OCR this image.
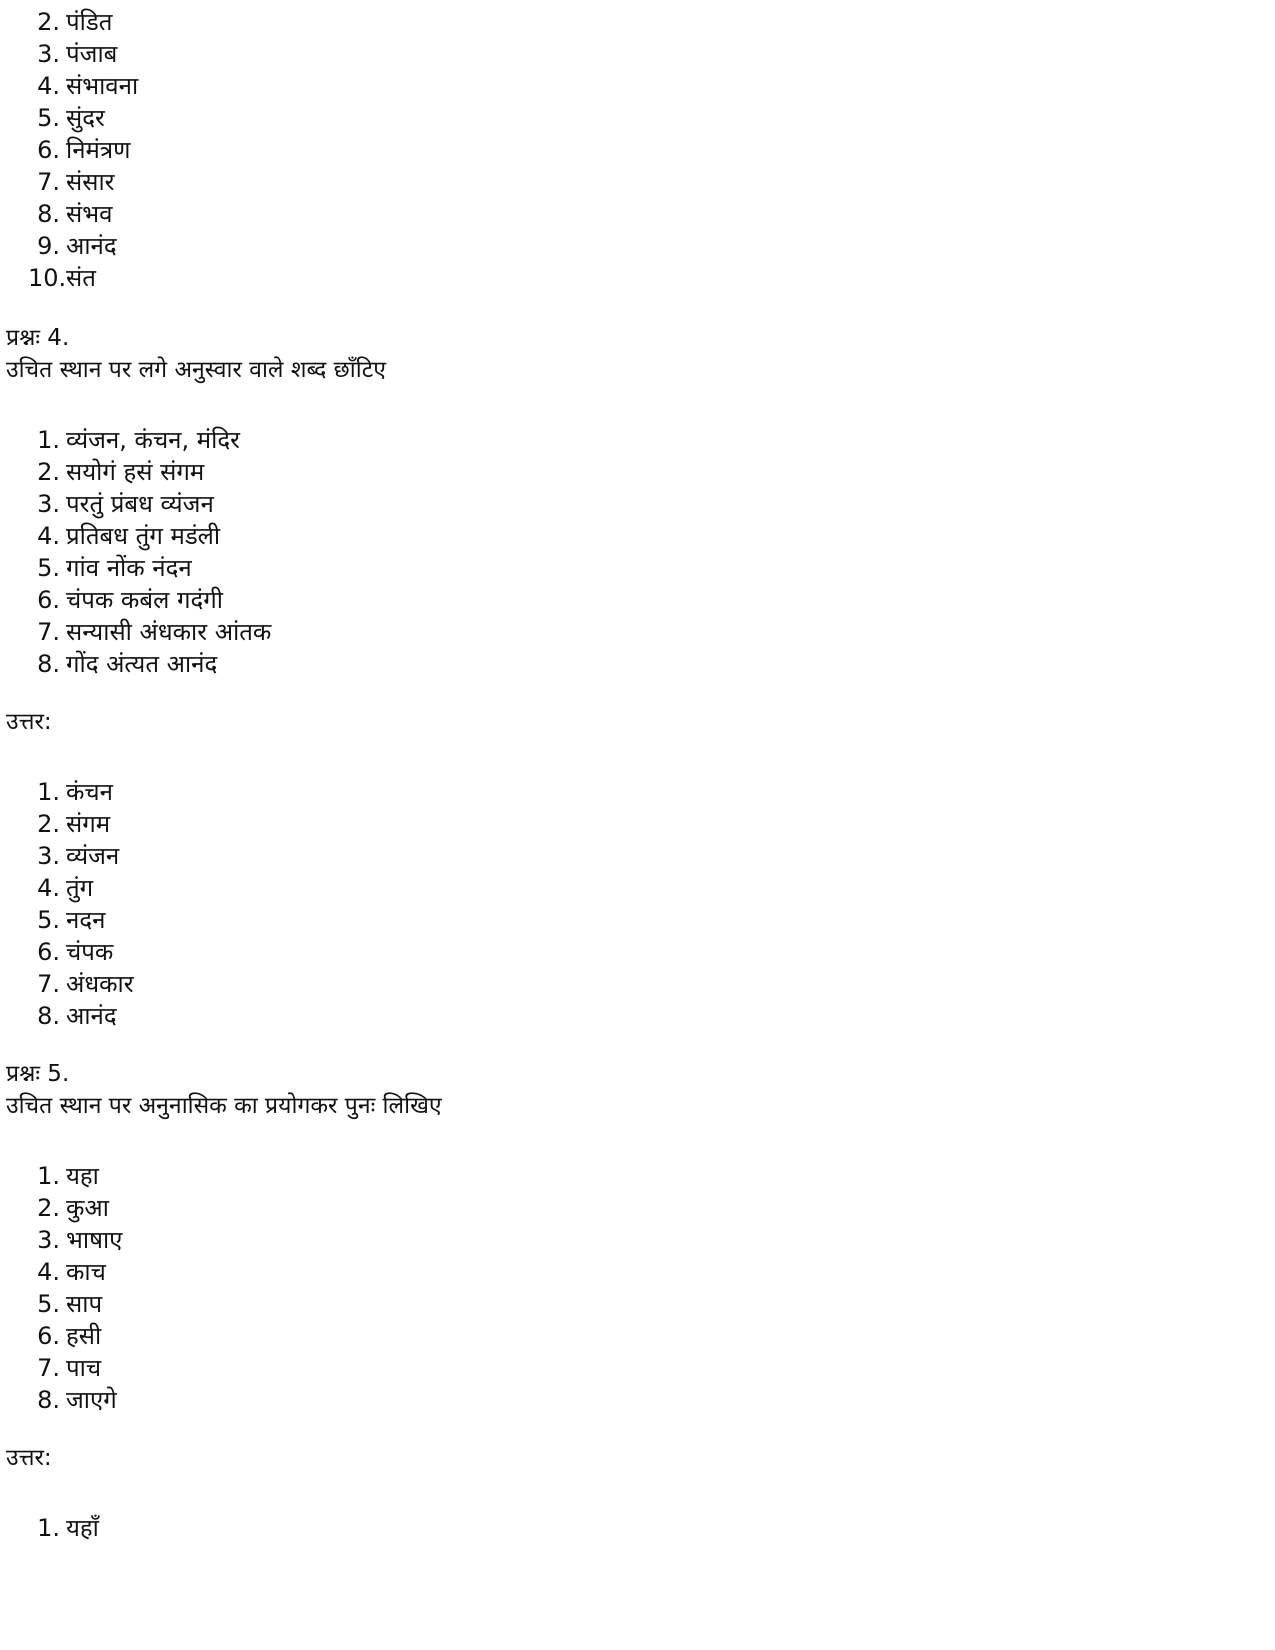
2. पंडित
3. पंजाब
4. संभावना
5. सुंदर
6. निमंत्रण
7. संसार
8. संभव
9. आनंद
10.संत
प्रश्नः 4.
उचित स्थान पर लगे अनुस्वार वाले शब्द छाँटिए
1. व्यंजन, कंचन, मंदिर
2. सयोगं हसं संगम
3. परतुं प्रंबध व्यंजन
4. प्रतिबध तुंग मडंली
5. गांव नोंक नंदन
6. चंपक कबंल गदंगी
7. सन्यासी अंधकार आंतक
8. गोंद अंत्यत आनंद
उत्तर:
1. कंचन
2. संगम
3. व्यंजन
4. तुंग
5. नदन
6. चंपक
7. अंधकार
8. आनंद
प्रश्नः 5.
उचित स्थान पर अनुनासिक का प्रयोगकर पुनः लिखिए
1. यहा
2. कुआ
3. भाषाए
4. काच
5. साप
6. हसी
7. पाच
8. जाएगे
उत्तर:
1. यहाँ
